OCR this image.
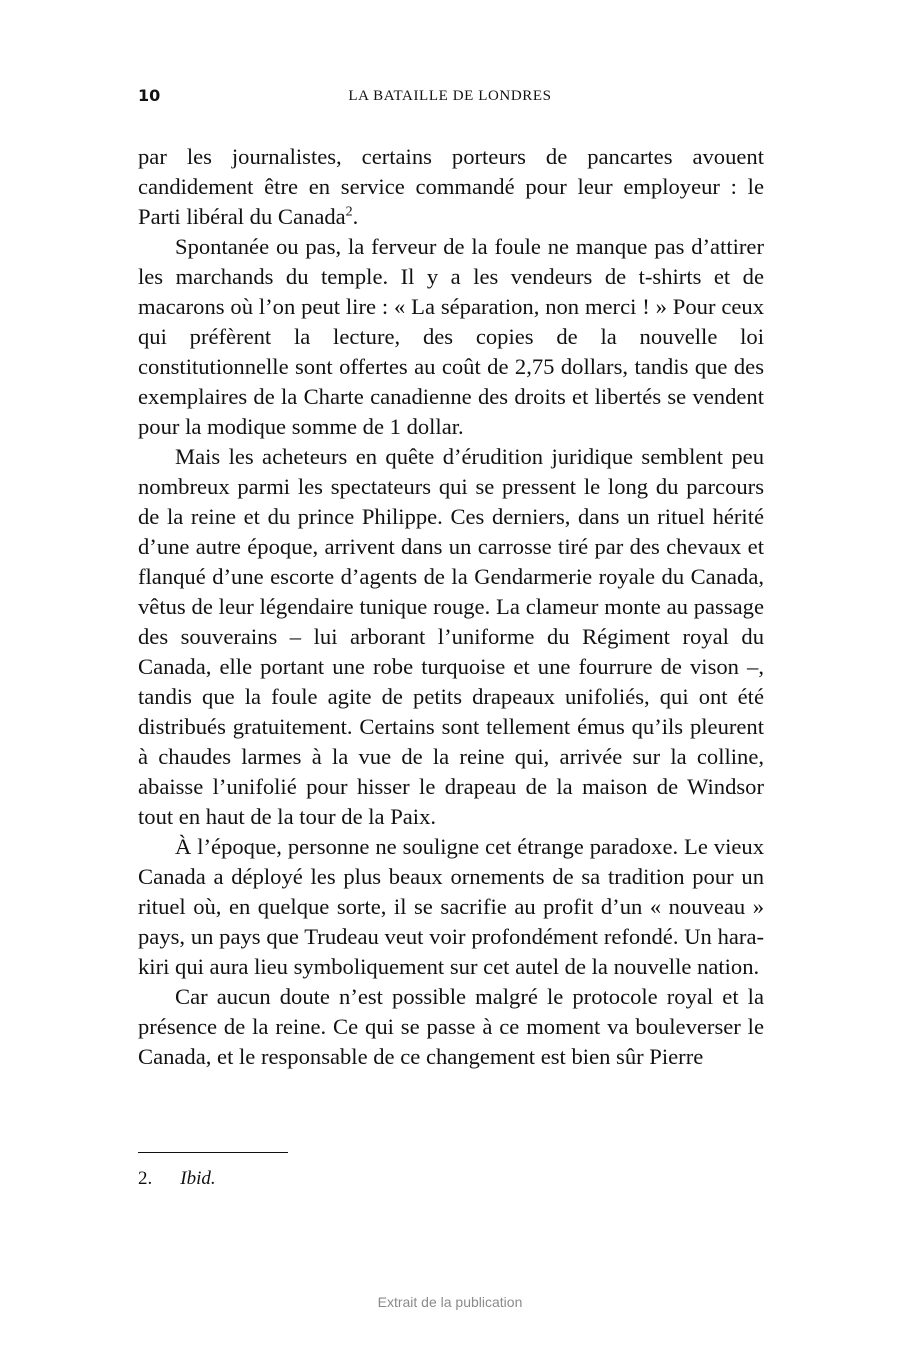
10	LA BATAILLE DE LONDRES

par les journalistes, certains porteurs de pancartes avouent candidement être en service commandé pour leur employeur : le Parti libéral du Canada$^2$.

Spontanée ou pas, la ferveur de la foule ne manque pas d’attirer les marchands du temple. Il y a les vendeurs de t-shirts et de macarons où l’on peut lire : « La séparation, non merci ! » Pour ceux qui préfèrent la lecture, des copies de la nouvelle loi constitutionnelle sont offertes au coût de 2,75 dollars, tandis que des exemplaires de la Charte canadienne des droits et libertés se vendent pour la modique somme de 1 dollar.

Mais les acheteurs en quête d’érudition juridique semblent peu nombreux parmi les spectateurs qui se pressent le long du parcours de la reine et du prince Philippe. Ces derniers, dans un rituel hérité d’une autre époque, arrivent dans un carrosse tiré par des chevaux et flanqué d’une escorte d’agents de la Gendarmerie royale du Canada, vêtus de leur légendaire tunique rouge. La clameur monte au passage des souverains – lui arborant l’uniforme du Régiment royal du Canada, elle portant une robe turquoise et une fourrure de vison –, tandis que la foule agite de petits drapeaux unifoliés, qui ont été distribués gratuitement. Certains sont tellement émus qu’ils pleurent à chaudes larmes à la vue de la reine qui, arrivée sur la colline, abaisse l’unifolié pour hisser le drapeau de la maison de Windsor tout en haut de la tour de la Paix.

À l’époque, personne ne souligne cet étrange paradoxe. Le vieux Canada a déployé les plus beaux ornements de sa tradition pour un rituel où, en quelque sorte, il se sacrifie au profit d’un « nouveau » pays, un pays que Trudeau veut voir profondément refondé. Un hara-kiri qui aura lieu symboliquement sur cet autel de la nouvelle nation.

Car aucun doute n’est possible malgré le protocole royal et la présence de la reine. Ce qui se passe à ce moment va bouleverser le Canada, et le responsable de ce changement est bien sûr Pierre

2. Ibid.
Extrait de la publication
